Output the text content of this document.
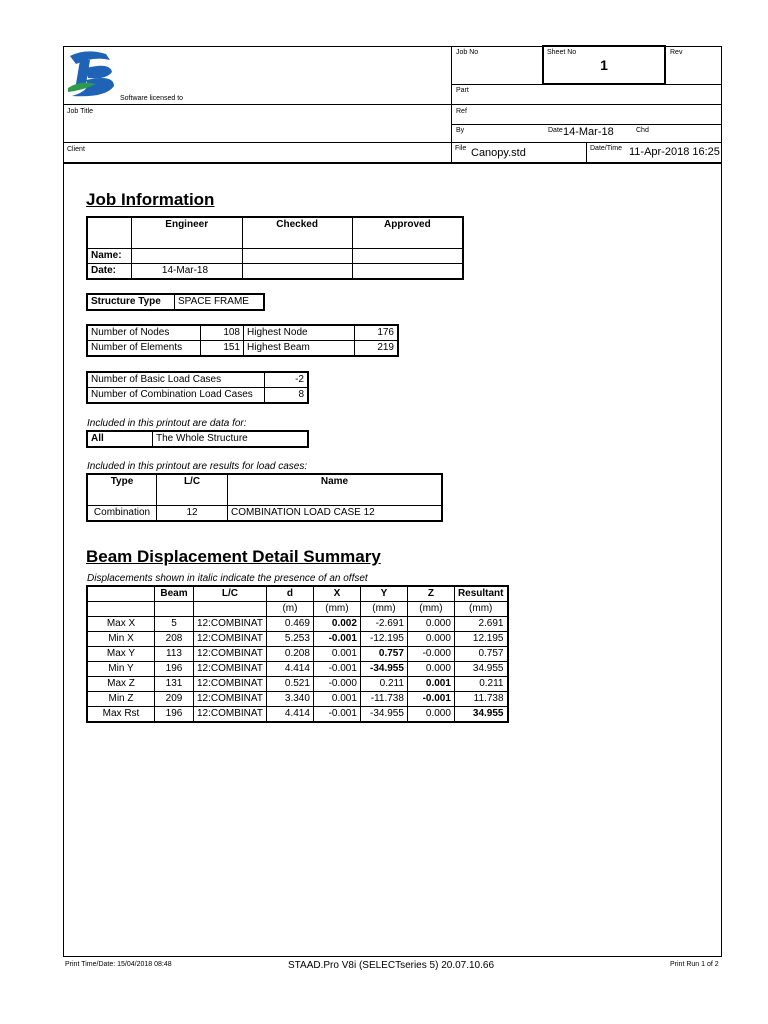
Software licensed to
Job Title
Client
Job No	Sheet No
1
Rev
Part
Ref
By	Date 14-Mar-18	Chd
File Canopy.std	Date/Time 11-Apr-2018 16:25
Job Information
	Engineer	Checked	Approved
Name:			
Date:	14-Mar-18		
Structure Type	SPACE FRAME
Number of Nodes	108	Highest Node	176
Number of Elements	151	Highest Beam	219
Number of Basic Load Cases	-2
Number of Combination Load Cases	8
Included in this printout are data for:
All	The Whole Structure
Included in this printout are results for load cases:
Type	L/C	Name
Combination	12	COMBINATION LOAD CASE 12
Beam Displacement Detail Summary
Displacements shown in italic indicate the presence of an offset
	Beam	L/C	d	X	Y	Z	Resultant
			(m)	(mm)	(mm)	(mm)	(mm)
Max X	5	12:COMBINAT	0.469	0.002	-2.691	0.000	2.691
Min X	208	12:COMBINAT	5.253	-0.001	-12.195	0.000	12.195
Max Y	113	12:COMBINAT	0.208	0.001	0.757	-0.000	0.757
Min Y	196	12:COMBINAT	4.414	-0.001	-34.955	0.000	34.955
Max Z	131	12:COMBINAT	0.521	-0.000	0.211	0.001	0.211
Min Z	209	12:COMBINAT	3.340	0.001	-11.738	-0.001	11.738
Max Rst	196	12:COMBINAT	4.414	-0.001	-34.955	0.000	34.955
Print Time/Date: 15/04/2018 08:48	STAAD.Pro V8i (SELECTseries 5) 20.07.10.66	Print Run 1 of 2
